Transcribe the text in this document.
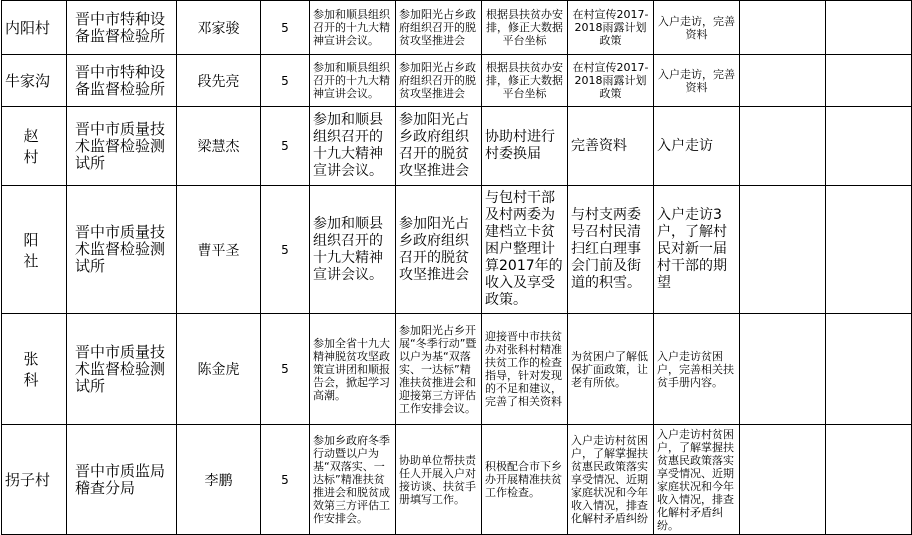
内阳村	晋中市特种设备监督检验所	邓家骏	5	参加和顺县组织召开的十九大精神宣讲会议。	参加阳光占乡政府组织召开的脱贫攻坚推进会	根据县扶贫办安排，修正大数据平台坐标	在村宣传2017-2018雨露计划政策	入户走访，完善资料		
牛家沟	晋中市特种设备监督检验所	段先亮	5	参加和顺县组织召开的十九大精神宣讲会议。	参加阳光占乡政府组织召开的脱贫攻坚推进会	根据县扶贫办安排，修正大数据平台坐标	在村宣传2017-2018雨露计划政策	入户走访，完善资料		
赵 村	晋中市质量技术监督检验测试所	梁慧杰	5	参加和顺县组织召开的十九大精神宣讲会议。	参加阳光占乡政府组织召开的脱贫攻坚推进会	协助村进行村委换届	完善资料	入户走访		
阳 社	晋中市质量技术监督检验测试所	曹平圣	5	参加和顺县组织召开的十九大精神宣讲会议。	参加阳光占乡政府组织召开的脱贫攻坚推进会	与包村干部及村两委为建档立卡贫困户整理计算2017年的收入及享受政策。	与村支两委号召村民清扫红白理事会门前及街道的积雪。	入户走访3户，了解村民对新一届村干部的期望		
张 科	晋中市质量技术监督检验测试所	陈金虎	5	参加全省十九大精神脱贫攻坚政策宣讲团和顺报告会，掀起学习高潮。	参加阳光占乡开展“冬季行动”暨以户为基“双落实、一达标”精准扶贫推进会和迎接第三方评估工作安排会议。	迎接晋中市扶贫办对张科村精准扶贫工作的检查指导，针对发现的不足和建议，完善了相关资料	为贫困户了解低保扩面政策，让老有所依。	入户走访贫困户，完善相关扶贫手册内容。		
拐子村	晋中市质监局稽查分局	李鹏	5	参加乡政府冬季行动暨以户为基“双落实、一达标”精准扶贫推进会和脱贫成效第三方评估工作安排会。	协助单位帮扶责任人开展入户对接访谈、扶贫手册填写工作。	积极配合市下乡办开展精准扶贫工作检查。	入户走访村贫困户，了解掌握扶贫惠民政策落实享受情况、近期家庭状况和今年收入情况，排查化解村矛盾纠纷	入户走访村贫困户，了解掌握扶贫惠民政策落实享受情况、近期家庭状况和今年收入情况，排查化解村矛盾纠纷。		
